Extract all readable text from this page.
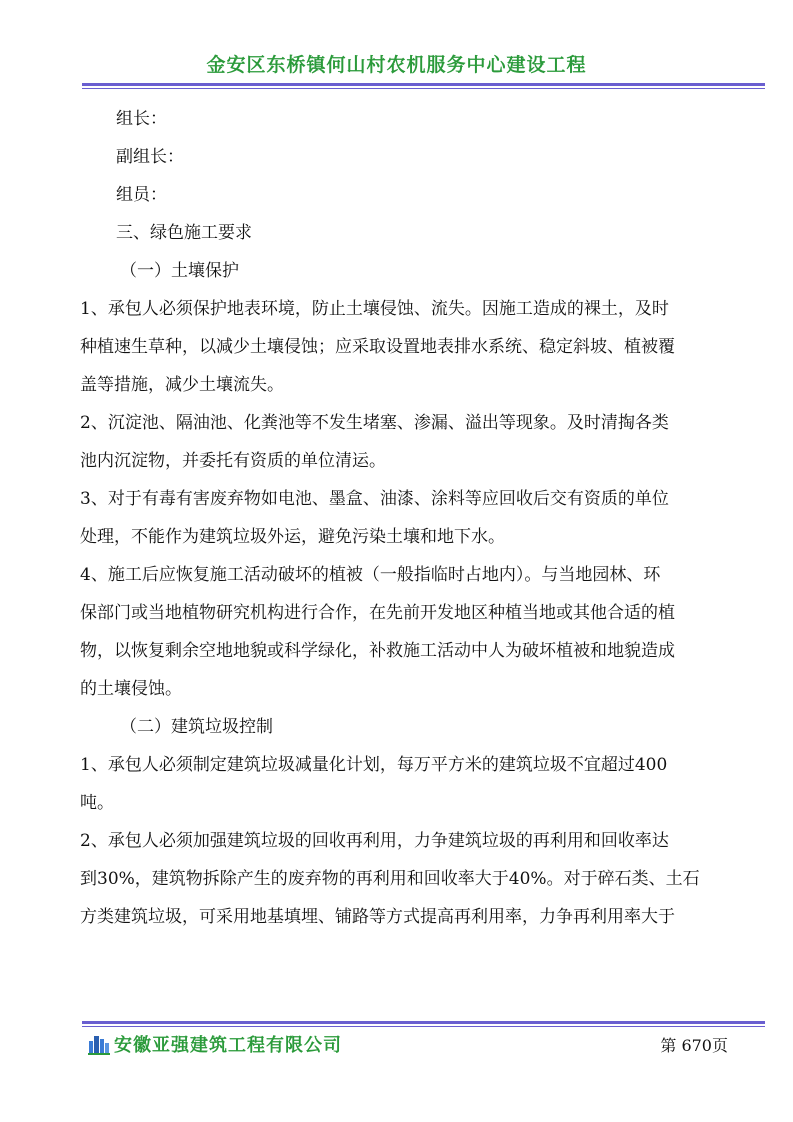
金安区东桥镇何山村农机服务中心建设工程
组长：
副组长：
组员：
三、绿色施工要求
（一）土壤保护
1、承包人必须保护地表环境，防止土壤侵蚀、流失。因施工造成的裸土，及时
种植速生草种，以减少土壤侵蚀；应采取设置地表排水系统、稳定斜坡、植被覆
盖等措施，减少土壤流失。
2、沉淀池、隔油池、化粪池等不发生堵塞、渗漏、溢出等现象。及时清掏各类
池内沉淀物，并委托有资质的单位清运。
3、对于有毒有害废弃物如电池、墨盒、油漆、涂料等应回收后交有资质的单位
处理，不能作为建筑垃圾外运，避免污染土壤和地下水。
4、施工后应恢复施工活动破坏的植被（一般指临时占地内）。与当地园林、环
保部门或当地植物研究机构进行合作，在先前开发地区种植当地或其他合适的植
物，以恢复剩余空地地貌或科学绿化，补救施工活动中人为破坏植被和地貌造成
的土壤侵蚀。
（二）建筑垃圾控制
1、承包人必须制定建筑垃圾减量化计划，每万平方米的建筑垃圾不宜超过400
吨。
2、承包人必须加强建筑垃圾的回收再利用，力争建筑垃圾的再利用和回收率达
到30%，建筑物拆除产生的废弃物的再利用和回收率大于40%。对于碎石类、土石
方类建筑垃圾，可采用地基填埋、铺路等方式提高再利用率，力争再利用率大于
安徽亚强建筑工程有限公司	第 670页
